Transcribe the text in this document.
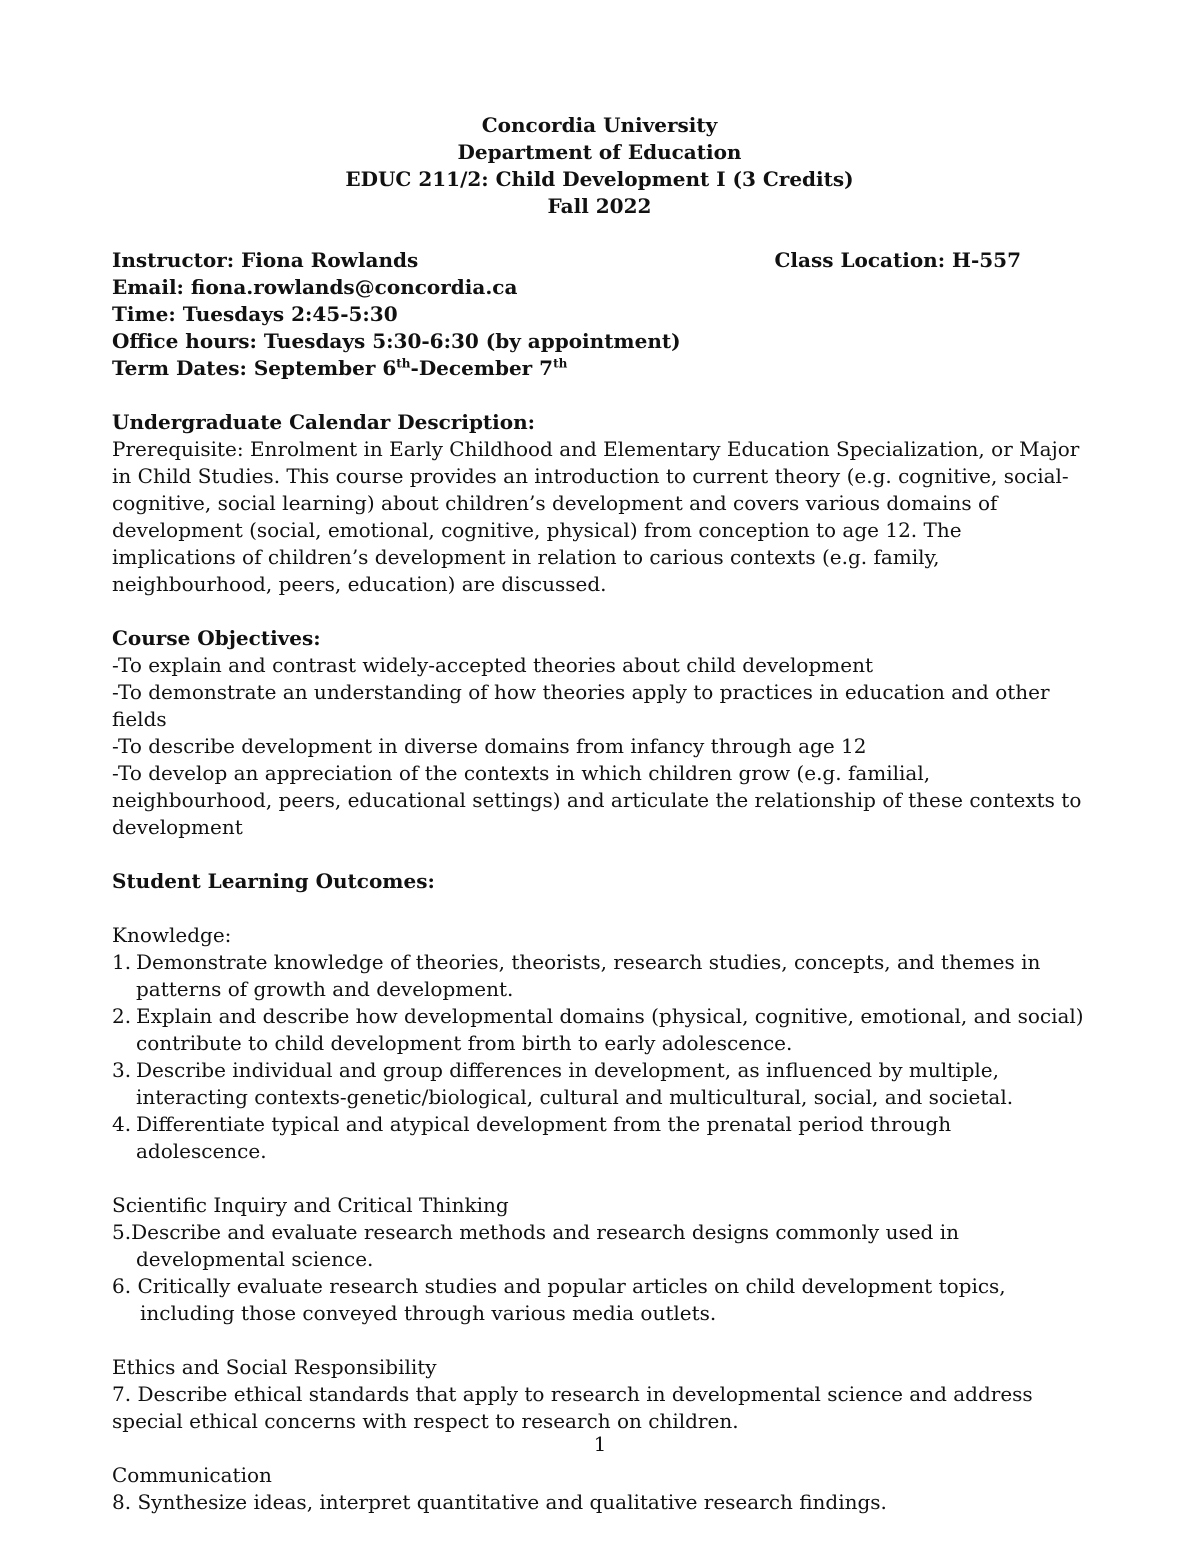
Concordia University
Department of Education
EDUC 211/2: Child Development I (3 Credits)
Fall 2022
Instructor: Fiona Rowlands	Class Location: H-557
Email: fiona.rowlands@concordia.ca
Time: Tuesdays 2:45-5:30
Office hours: Tuesdays 5:30-6:30 (by appointment)
Term Dates: September 6th-December 7th
Undergraduate Calendar Description:
Prerequisite: Enrolment in Early Childhood and Elementary Education Specialization, or Major in Child Studies. This course provides an introduction to current theory (e.g. cognitive, social-cognitive, social learning) about children’s development and covers various domains of development (social, emotional, cognitive, physical) from conception to age 12. The implications of children’s development in relation to carious contexts (e.g. family, neighbourhood, peers, education) are discussed.
Course Objectives:
-To explain and contrast widely-accepted theories about child development
-To demonstrate an understanding of how theories apply to practices in education and other fields
-To describe development in diverse domains from infancy through age 12
-To develop an appreciation of the contexts in which children grow (e.g. familial, neighbourhood, peers, educational settings) and articulate the relationship of these contexts to development
Student Learning Outcomes:
Knowledge:
1. Demonstrate knowledge of theories, theorists, research studies, concepts, and themes in patterns of growth and development.
2. Explain and describe how developmental domains (physical, cognitive, emotional, and social) contribute to child development from birth to early adolescence.
3. Describe individual and group differences in development, as influenced by multiple, interacting contexts-genetic/biological, cultural and multicultural, social, and societal.
4. Differentiate typical and atypical development from the prenatal period through adolescence.
Scientific Inquiry and Critical Thinking
5.Describe and evaluate research methods and research designs commonly used in developmental science.
6. Critically evaluate research studies and popular articles on child development topics, including those conveyed through various media outlets.
Ethics and Social Responsibility
7. Describe ethical standards that apply to research in developmental science and address special ethical concerns with respect to research on children.
Communication
8. Synthesize ideas, interpret quantitative and qualitative research findings.
1
